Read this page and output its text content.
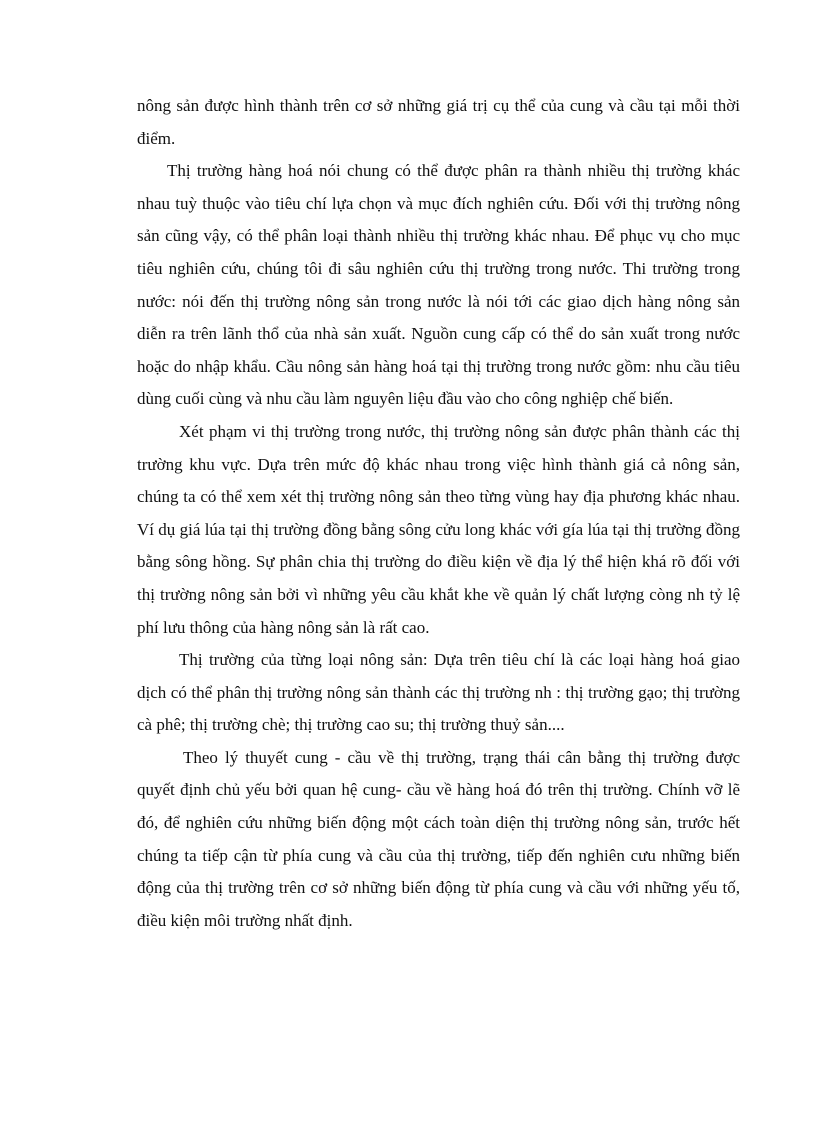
nông sản được hình thành trên cơ sở những giá trị cụ thể của cung và cầu tại mỗi thời điểm.

Thị trường hàng hoá nói chung có thể được phân ra thành nhiều thị trường khác nhau tuỳ thuộc vào tiêu chí lựa chọn và mục đích nghiên cứu. Đối với thị trường nông sản cũng vậy, có thể phân loại thành nhiều thị trường khác nhau. Để phục vụ cho mục tiêu nghiên cứu, chúng tôi đi sâu nghiên cứu thị trường trong nước. Thi trường trong nước: nói đến thị trường nông sản trong nước là nói tới các giao dịch hàng nông sản diễn ra trên lãnh thổ của nhà sản xuất. Nguồn cung cấp có thể do sản xuất trong nước hoặc do nhập khẩu. Cầu nông sản hàng hoá tại thị trường trong nước gồm: nhu cầu tiêu dùng cuối cùng và nhu cầu làm nguyên liệu đầu vào cho công nghiệp chế biến.

Xét phạm vi thị trường trong nước, thị trường nông sản được phân thành các thị trường khu vực. Dựa trên mức độ khác nhau trong việc hình thành giá cả nông sản, chúng ta có thể xem xét thị trường nông sản theo từng vùng hay địa phương khác nhau. Ví dụ giá lúa tại thị trường đồng bằng sông cửu long khác với gía lúa tại thị trường đồng bằng sông hồng. Sự phân chia thị trường do điều kiện về địa lý thể hiện khá rõ đối với thị trường nông sản bởi vì những yêu cầu khắt khe về quản lý chất lượng còng nh tỷ lệ phí lưu thông của hàng nông sản là rất cao.

Thị trường của từng loại nông sản: Dựa trên tiêu chí là các loại hàng hoá giao dịch có thể phân thị trường nông sản thành các thị trường nh : thị trường gạo; thị trường cà phê; thị trường chè; thị trường cao su; thị trường thuỷ sản....

Theo lý thuyết cung - cầu về thị trường, trạng thái cân bằng thị trường được quyết định chủ yếu bởi quan hệ cung- cầu về hàng hoá đó trên thị trường. Chính vỡ lẽ đó, để nghiên cứu những biến động một cách toàn diện thị trường nông sản, trước hết chúng ta tiếp cận từ phía cung và cầu của thị trường, tiếp đến nghiên cưu những biến động của thị trường trên cơ sở những biến động từ phía cung và cầu với những yếu tố, điều kiện môi trường nhất định.
